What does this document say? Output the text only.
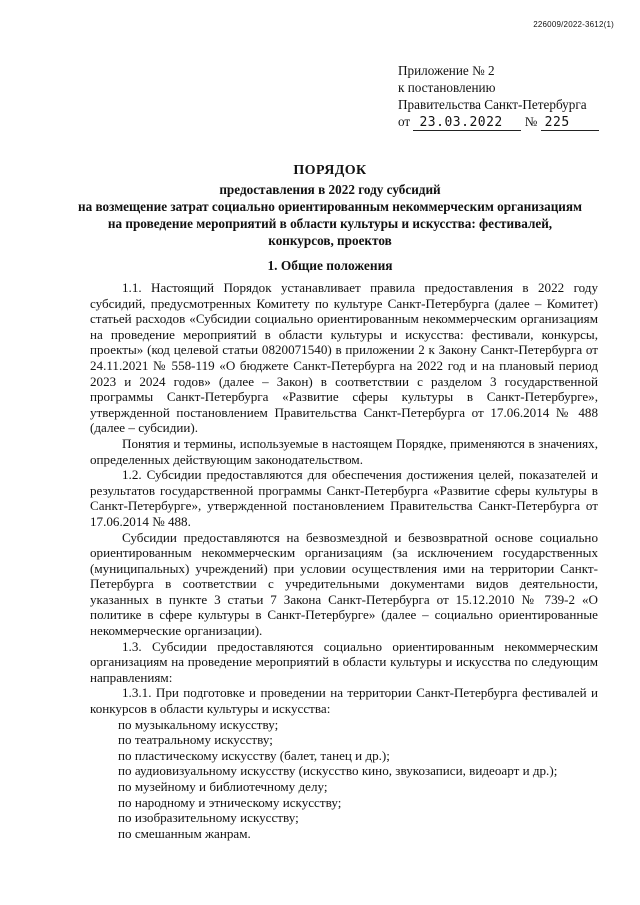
226009/2022-3612(1)
Приложение № 2
к постановлению
Правительства Санкт-Петербурга
от 23.03.2022 № 225
ПОРЯДОК
предоставления в 2022 году субсидий
на возмещение затрат социально ориентированным некоммерческим организациям
на проведение мероприятий в области культуры и искусства: фестивалей,
конкурсов, проектов
1. Общие положения

1.1. Настоящий Порядок устанавливает правила предоставления в 2022 году субсидий, предусмотренных Комитету по культуре Санкт-Петербурга (далее – Комитет) статьей расходов «Субсидии социально ориентированным некоммерческим организациям на проведение мероприятий в области культуры и искусства: фестивали, конкурсы, проекты» (код целевой статьи 0820071540) в приложении 2 к Закону Санкт-Петербурга от 24.11.2021 № 558-119 «О бюджете Санкт-Петербурга на 2022 год и на плановый период 2023 и 2024 годов» (далее – Закон) в соответствии с разделом 3 государственной программы Санкт-Петербурга «Развитие сферы культуры в Санкт-Петербурге», утвержденной постановлением Правительства Санкт-Петербурга от 17.06.2014 № 488 (далее – субсидии).

Понятия и термины, используемые в настоящем Порядке, применяются в значениях, определенных действующим законодательством.

1.2. Субсидии предоставляются для обеспечения достижения целей, показателей и результатов государственной программы Санкт-Петербурга «Развитие сферы культуры в Санкт-Петербурге», утвержденной постановлением Правительства Санкт-Петербурга от 17.06.2014 № 488.

Субсидии предоставляются на безвозмездной и безвозвратной основе социально ориентированным некоммерческим организациям (за исключением государственных (муниципальных) учреждений) при условии осуществления ими на территории Санкт-Петербурга в соответствии с учредительными документами видов деятельности, указанных в пункте 3 статьи 7 Закона Санкт-Петербурга от 15.12.2010 № 739-2 «О политике в сфере культуры в Санкт-Петербурге» (далее – социально ориентированные некоммерческие организации).

1.3. Субсидии предоставляются социально ориентированным некоммерческим организациям на проведение мероприятий в области культуры и искусства по следующим направлениям:

1.3.1. При подготовке и проведении на территории Санкт-Петербурга фестивалей и конкурсов в области культуры и искусства:

по музыкальному искусству;
по театральному искусству;
по пластическому искусству (балет, танец и др.);
по аудиовизуальному искусству (искусство кино, звукозаписи, видеоарт и др.);
по музейному и библиотечному делу;
по народному и этническому искусству;
по изобразительному искусству;
по смешанным жанрам.
